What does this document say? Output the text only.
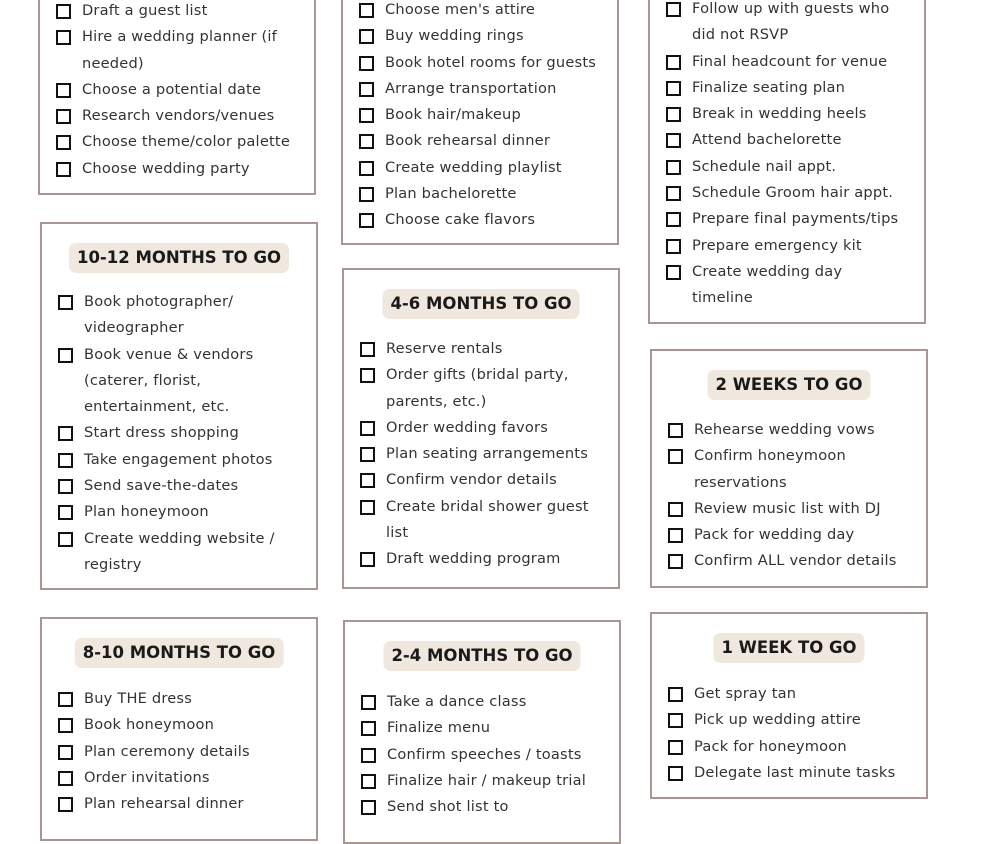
Draft a guest list
Hire a wedding planner (if
needed)
Choose a potential date
Research vendors/venues
Choose theme/color palette
Choose wedding party
10-12 MONTHS TO GO
Book photographer/
videographer
Book venue & vendors
(caterer, florist,
entertainment, etc.
Start dress shopping
Take engagement photos
Send save-the-dates
Plan honeymoon
Create wedding website /
registry
8-10 MONTHS TO GO
Buy THE dress
Book honeymoon
Plan ceremony details
Order invitations
Plan rehearsal dinner
Choose men's attire
Buy wedding rings
Book hotel rooms for guests
Arrange transportation
Book hair/makeup
Book rehearsal dinner
Create wedding playlist
Plan bachelorette
Choose cake flavors
4-6 MONTHS TO GO
Reserve rentals
Order gifts (bridal party,
parents, etc.)
Order wedding favors
Plan seating arrangements
Confirm vendor details
Create bridal shower guest
list
Draft wedding program
2-4 MONTHS TO GO
Take a dance class
Finalize menu
Confirm speeches / toasts
Finalize hair / makeup trial
Send shot list to
Follow up with guests who
did not RSVP
Final headcount for venue
Finalize seating plan
Break in wedding heels
Attend bachelorette
Schedule nail appt.
Schedule Groom hair appt.
Prepare final payments/tips
Prepare emergency kit
Create wedding day
timeline
2 WEEKS TO GO
Rehearse wedding vows
Confirm honeymoon
reservations
Review music list with DJ
Pack for wedding day
Confirm ALL vendor details
1 WEEK TO GO
Get spray tan
Pick up wedding attire
Pack for honeymoon
Delegate last minute tasks
